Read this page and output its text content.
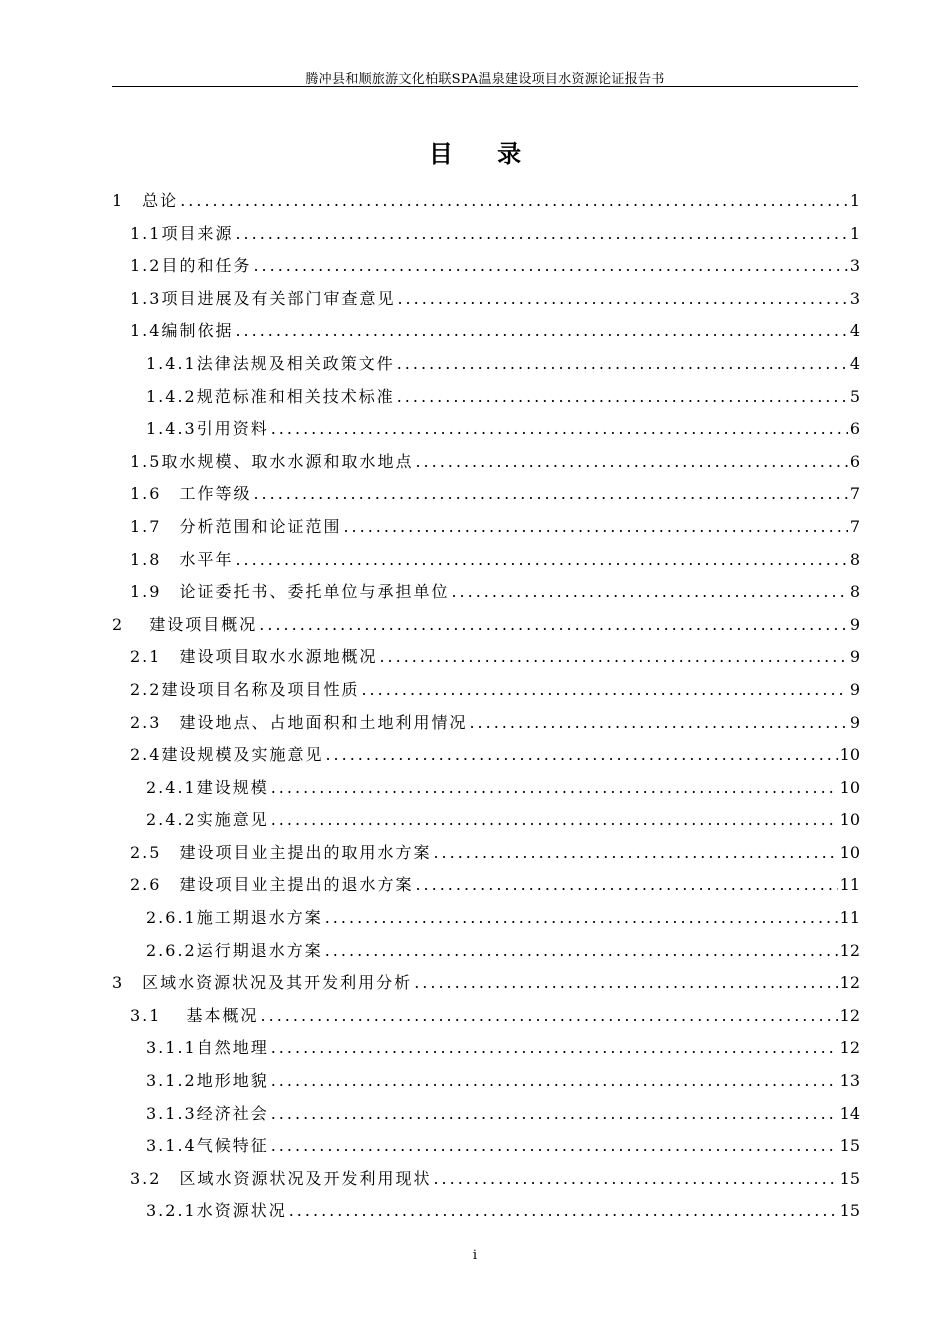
腾冲县和顺旅游文化柏联SPA温泉建设项目水资源论证报告书
目 录
1　总论 .....	1
1.1项目来源 .....	1
1.2目的和任务 .....	3
1.3项目进展及有关部门审查意见 .....	3
1.4编制依据 .....	4
1.4.1法律法规及相关政策文件 .....	4
1.4.2规范标准和相关技术标准 .....	5
1.4.3引用资料 .....	6
1.5取水规模、取水水源和取水地点 .....	6
1.6　工作等级 .....	7
1.7　分析范围和论证范围 .....	7
1.8　水平年 .....	8
1.9　论证委托书、委托单位与承担单位 .....	8
2　 建设项目概况 .....	9
2.1　建设项目取水水源地概况 .....	9
2.2建设项目名称及项目性质 .....	9
2.3　建设地点、占地面积和土地利用情况 .....	9
2.4建设规模及实施意见 .....	10
2.4.1建设规模 .....	10
2.4.2实施意见 .....	10
2.5　建设项目业主提出的取用水方案 .....	10
2.6　建设项目业主提出的退水方案 .....	11
2.6.1施工期退水方案 .....	11
2.6.2运行期退水方案 .....	12
3　区域水资源状况及其开发利用分析 .....	12
3.1　 基本概况 .....	12
3.1.1自然地理 .....	12
3.1.2地形地貌 .....	13
3.1.3经济社会 .....	14
3.1.4气候特征 .....	15
3.2　区域水资源状况及开发利用现状 .....	15
3.2.1水资源状况 .....	15
i
